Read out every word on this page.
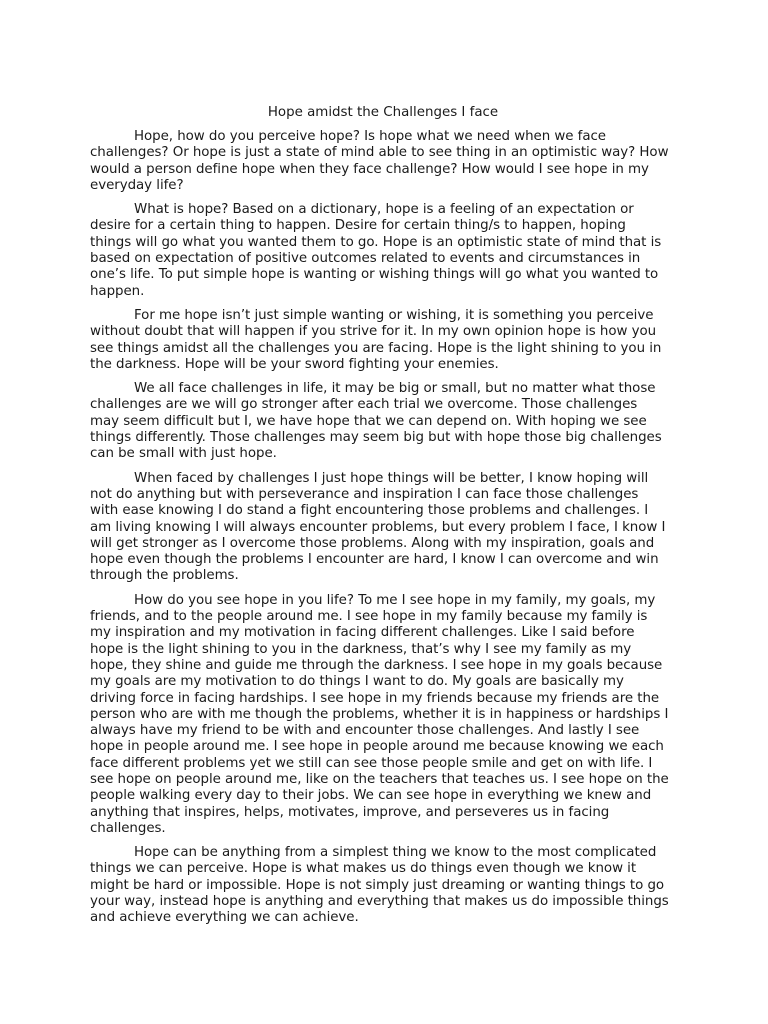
Hope amidst the Challenges I face

Hope, how do you perceive hope? Is hope what we need when we face challenges? Or hope is just a state of mind able to see thing in an optimistic way? How would a person define hope when they face challenge? How would I see hope in my everyday life?

What is hope? Based on a dictionary, hope is a feeling of an expectation or desire for a certain thing to happen. Desire for certain thing/s to happen, hoping things will go what you wanted them to go. Hope is an optimistic state of mind that is based on expectation of positive outcomes related to events and circumstances in one’s life. To put simple hope is wanting or wishing things will go what you wanted to happen.

For me hope isn’t just simple wanting or wishing, it is something you perceive without doubt that will happen if you strive for it. In my own opinion hope is how you see things amidst all the challenges you are facing. Hope is the light shining to you in the darkness. Hope will be your sword fighting your enemies.

We all face challenges in life, it may be big or small, but no matter what those challenges are we will go stronger after each trial we overcome. Those challenges may seem difficult but I, we have hope that we can depend on. With hoping we see things differently. Those challenges may seem big but with hope those big challenges can be small with just hope.

When faced by challenges I just hope things will be better, I know hoping will not do anything but with perseverance and inspiration I can face those challenges with ease knowing I do stand a fight encountering those problems and challenges. I am living knowing I will always encounter problems, but every problem I face, I know I will get stronger as I overcome those problems. Along with my inspiration, goals and hope even though the problems I encounter are hard, I know I can overcome and win through the problems.

How do you see hope in you life? To me I see hope in my family, my goals, my friends, and to the people around me. I see hope in my family because my family is my inspiration and my motivation in facing different challenges. Like I said before hope is the light shining to you in the darkness, that’s why I see my family as my hope, they shine and guide me through the darkness. I see hope in my goals because my goals are my motivation to do things I want to do. My goals are basically my driving force in facing hardships. I see hope in my friends because my friends are the person who are with me though the problems, whether it is in happiness or hardships I always have my friend to be with and encounter those challenges. And lastly I see hope in people around me. I see hope in people around me because knowing we each face different problems yet we still can see those people smile and get on with life. I see hope on people around me, like on the teachers that teaches us. I see hope on the people walking every day to their jobs. We can see hope in everything we knew and anything that inspires, helps, motivates, improve, and perseveres us in facing challenges.

Hope can be anything from a simplest thing we know to the most complicated things we can perceive. Hope is what makes us do things even though we know it might be hard or impossible. Hope is not simply just dreaming or wanting things to go your way, instead hope is anything and everything that makes us do impossible things and achieve everything we can achieve.
